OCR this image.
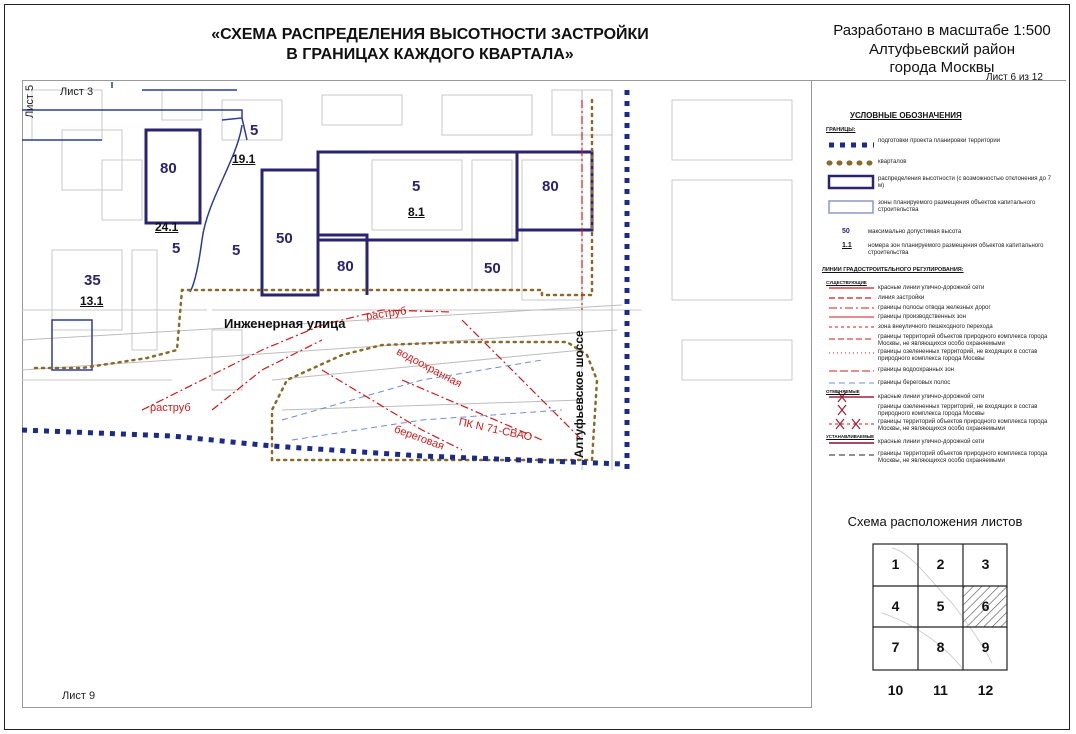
«СХЕМА РАСПРЕДЕЛЕНИЯ ВЫСОТНОСТИ ЗАСТРОЙКИ
В ГРАНИЦАХ КАЖДОГО КВАРТАЛА»
Разработано в масштабе 1:500
Алтуфьевский район
города Москвы
Лист 6 из 12
Лист 3
Лист 5
Лист 9
80
5
5	5
50
80
5	80
50
35
24.1
19.1
8.1
13.1
Инженерная улица
Алтуфьевское шоссе
раструб
раструб
водоохранная
береговая ПК N 71-СВАО
УСЛОВНЫЕ ОБОЗНАЧЕНИЯ
ГРАНИЦЫ:
подготовки проекта планировки территории
кварталов
распределения высотности (с возможностью отклонения до 7 м)
зоны планируемого размещения объектов капитального строительства
50	максимально допустимая высота
1.1	номера зон планируемого размещения объектов капитального строительства
ЛИНИИ ГРАДОСТРОИТЕЛЬНОГО РЕГУЛИРОВАНИЯ:
СУЩЕСТВУЮЩИЕ
красные линии улично-дорожной сети
линия застройки
границы полосы отвода железных дорог
границы производственных зон
зона внеуличного пешеходного перехода
границы территорий объектов природного комплекса города Москвы, не являющихся особо охраняемыми
границы озелененных территорий, не входящих в состав природного комплекса города Москвы
границы водоохранных зон
границы береговых полос
ОТМЕНЯЕМЫЕ
красные линии улично-дорожной сети
границы озелененных территорий, не входящих в состав природного комплекса города Москвы
границы территорий объектов природного комплекса города Москвы, не являющихся особо охраняемыми
УСТАНАВЛИВАЕМЫЕ
красные линии улично-дорожной сети
границы территорий объектов природного комплекса города Москвы, не являющихся особо охраняемыми
Схема расположения листов
1	2	3
4	5	6
7	8	9
10	11	12
